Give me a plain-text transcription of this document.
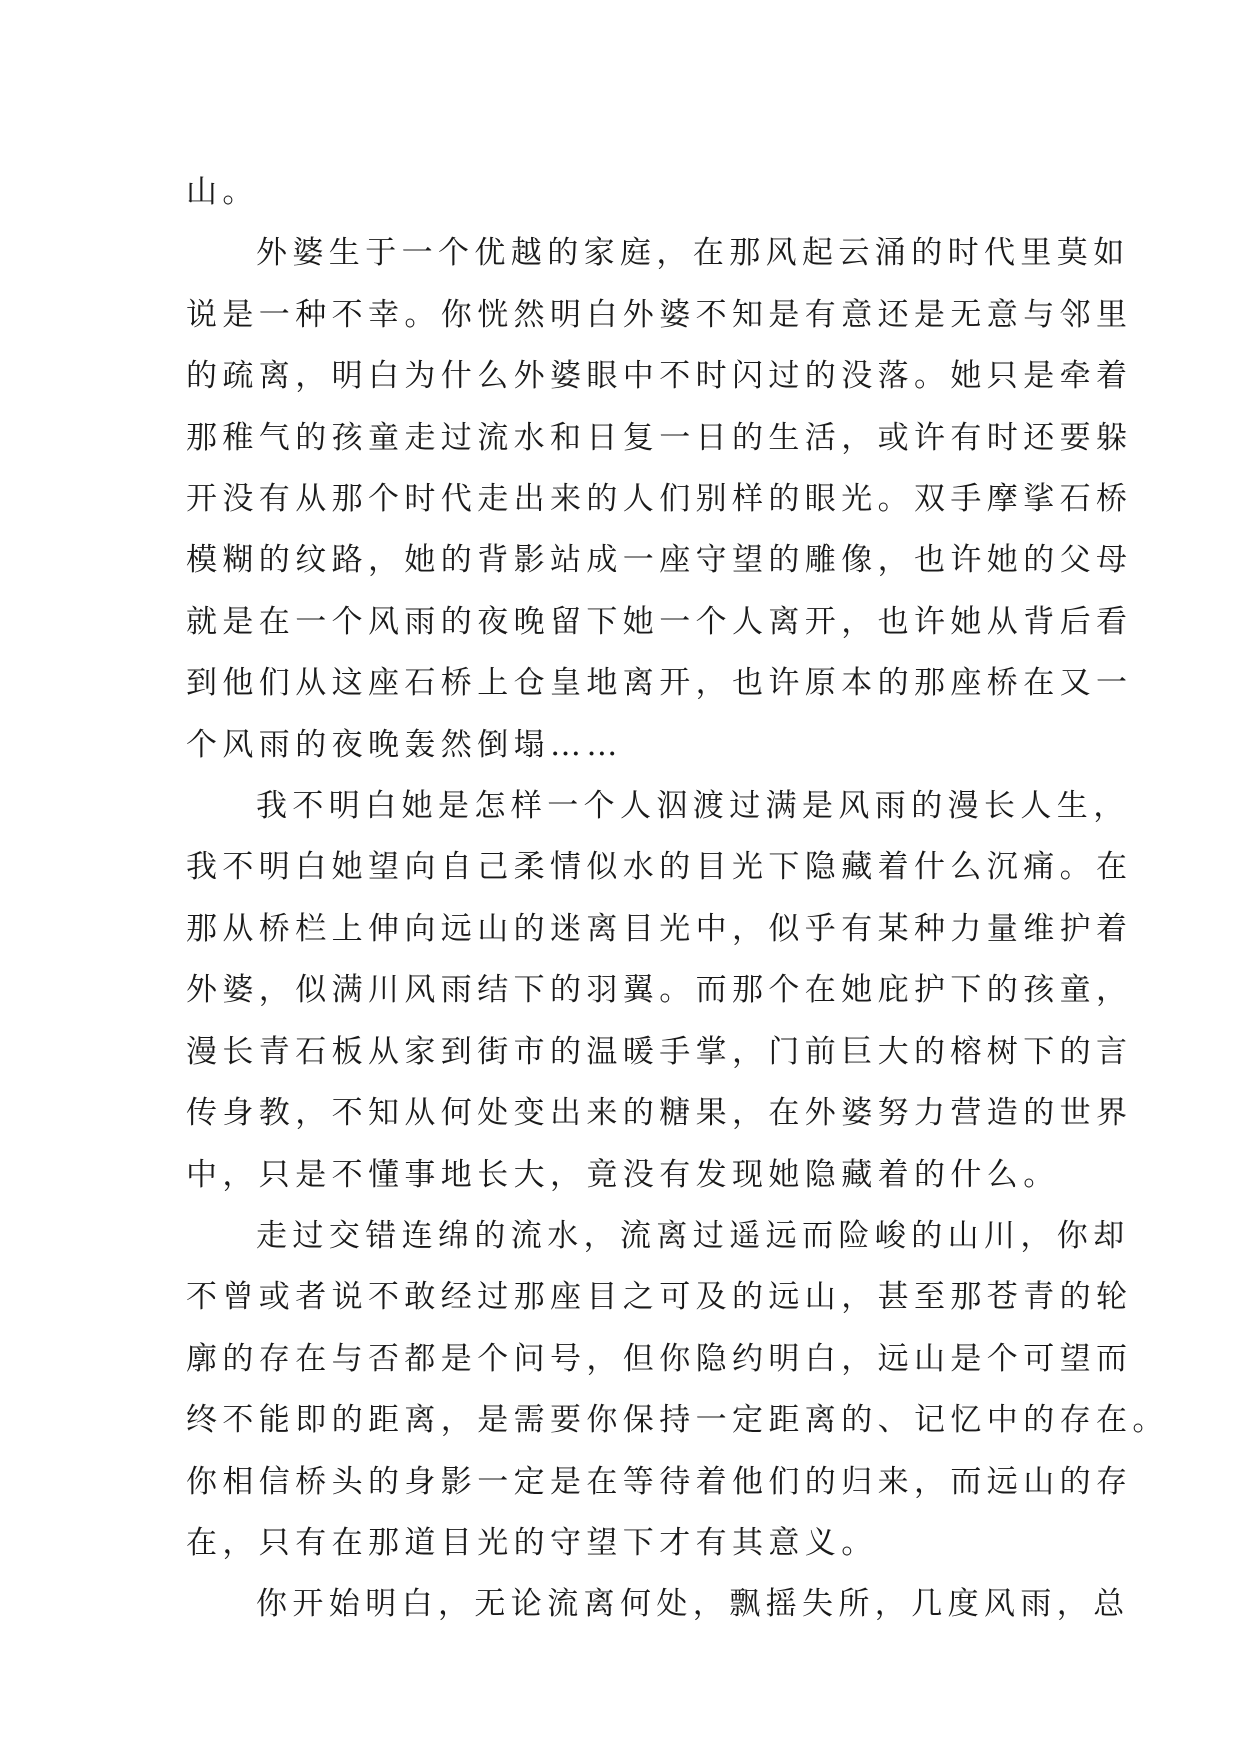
山。

外婆生于一个优越的家庭，在那风起云涌的时代里莫如

说是一种不幸。你恍然明白外婆不知是有意还是无意与邻里

的疏离，明白为什么外婆眼中不时闪过的没落。她只是牵着

那稚气的孩童走过流水和日复一日的生活，或许有时还要躲

开没有从那个时代走出来的人们别样的眼光。双手摩挲石桥

模糊的纹路，她的背影站成一座守望的雕像，也许她的父母

就是在一个风雨的夜晚留下她一个人离开，也许她从背后看

到他们从这座石桥上仓皇地离开，也许原本的那座桥在又一

个风雨的夜晚轰然倒塌……

我不明白她是怎样一个人泅渡过满是风雨的漫长人生，

我不明白她望向自己柔情似水的目光下隐藏着什么沉痛。在

那从桥栏上伸向远山的迷离目光中，似乎有某种力量维护着

外婆，似满川风雨结下的羽翼。而那个在她庇护下的孩童，

漫长青石板从家到街市的温暖手掌，门前巨大的榕树下的言

传身教，不知从何处变出来的糖果，在外婆努力营造的世界

中，只是不懂事地长大，竟没有发现她隐藏着的什么。

走过交错连绵的流水，流离过遥远而险峻的山川，你却

不曾或者说不敢经过那座目之可及的远山，甚至那苍青的轮

廓的存在与否都是个问号，但你隐约明白，远山是个可望而

终不能即的距离，是需要你保持一定距离的、记忆中的存在。

你相信桥头的身影一定是在等待着他们的归来，而远山的存

在，只有在那道目光的守望下才有其意义。

你开始明白，无论流离何处，飘摇失所，几度风雨，总
